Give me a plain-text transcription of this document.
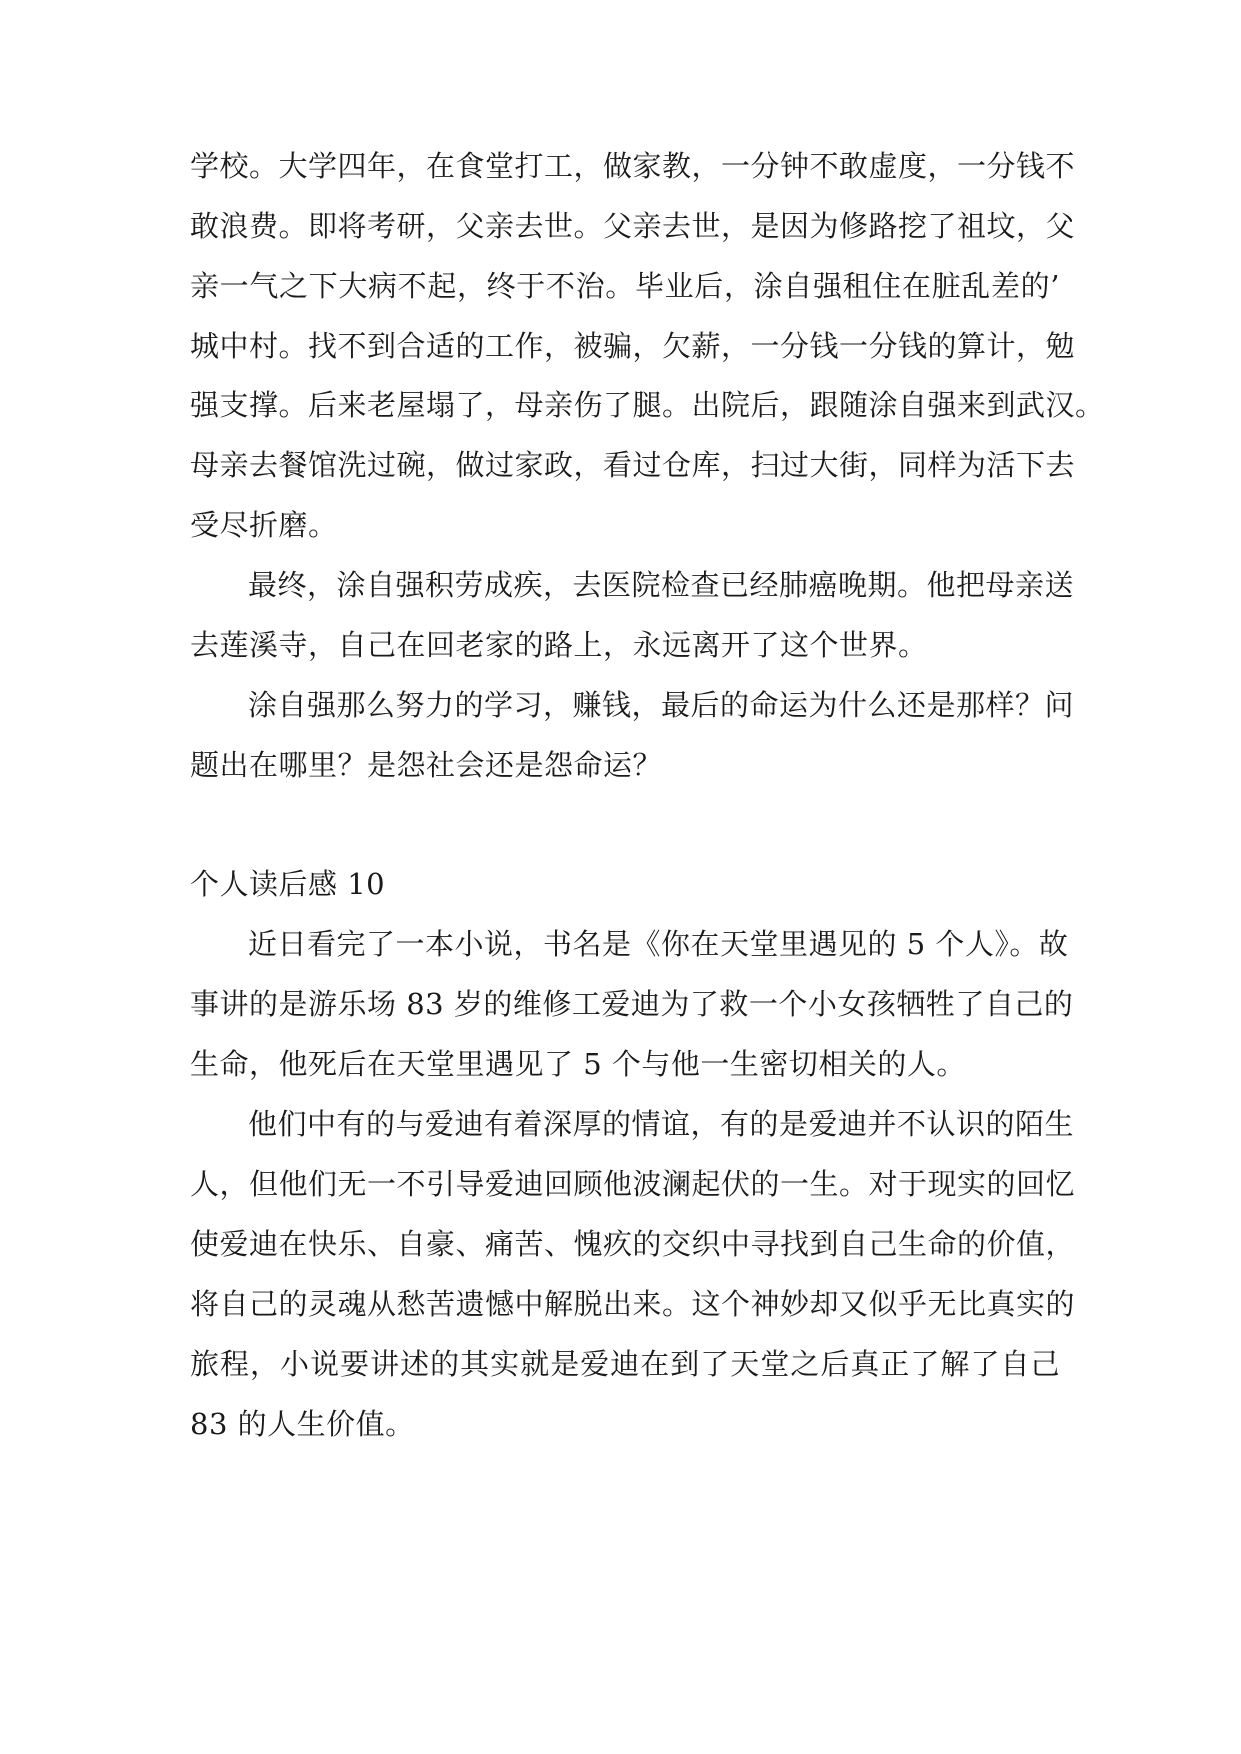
学校。大学四年，在食堂打工，做家教，一分钟不敢虚度，一分钱不
敢浪费。即将考研，父亲去世。父亲去世，是因为修路挖了祖坟，父
亲一气之下大病不起，终于不治。毕业后，涂自强租住在脏乱差的’
城中村。找不到合适的工作，被骗，欠薪，一分钱一分钱的算计，勉
强支撑。后来老屋塌了，母亲伤了腿。出院后，跟随涂自强来到武汉。
母亲去餐馆洗过碗，做过家政，看过仓库，扫过大街，同样为活下去
受尽折磨。
最终，涂自强积劳成疾，去医院检查已经肺癌晚期。他把母亲送
去莲溪寺，自己在回老家的路上，永远离开了这个世界。
涂自强那么努力的学习，赚钱，最后的命运为什么还是那样？问
题出在哪里？是怨社会还是怨命运？
个人读后感 10
近日看完了一本小说，书名是《你在天堂里遇见的 5 个人》。故
事讲的是游乐场 83 岁的维修工爱迪为了救一个小女孩牺牲了自己的
生命，他死后在天堂里遇见了 5 个与他一生密切相关的人。
他们中有的与爱迪有着深厚的情谊，有的是爱迪并不认识的陌生
人，但他们无一不引导爱迪回顾他波澜起伏的一生。对于现实的回忆
使爱迪在快乐、自豪、痛苦、愧疚的交织中寻找到自己生命的价值，
将自己的灵魂从愁苦遗憾中解脱出来。这个神妙却又似乎无比真实的
旅程，小说要讲述的其实就是爱迪在到了天堂之后真正了解了自己
83 的人生价值。
